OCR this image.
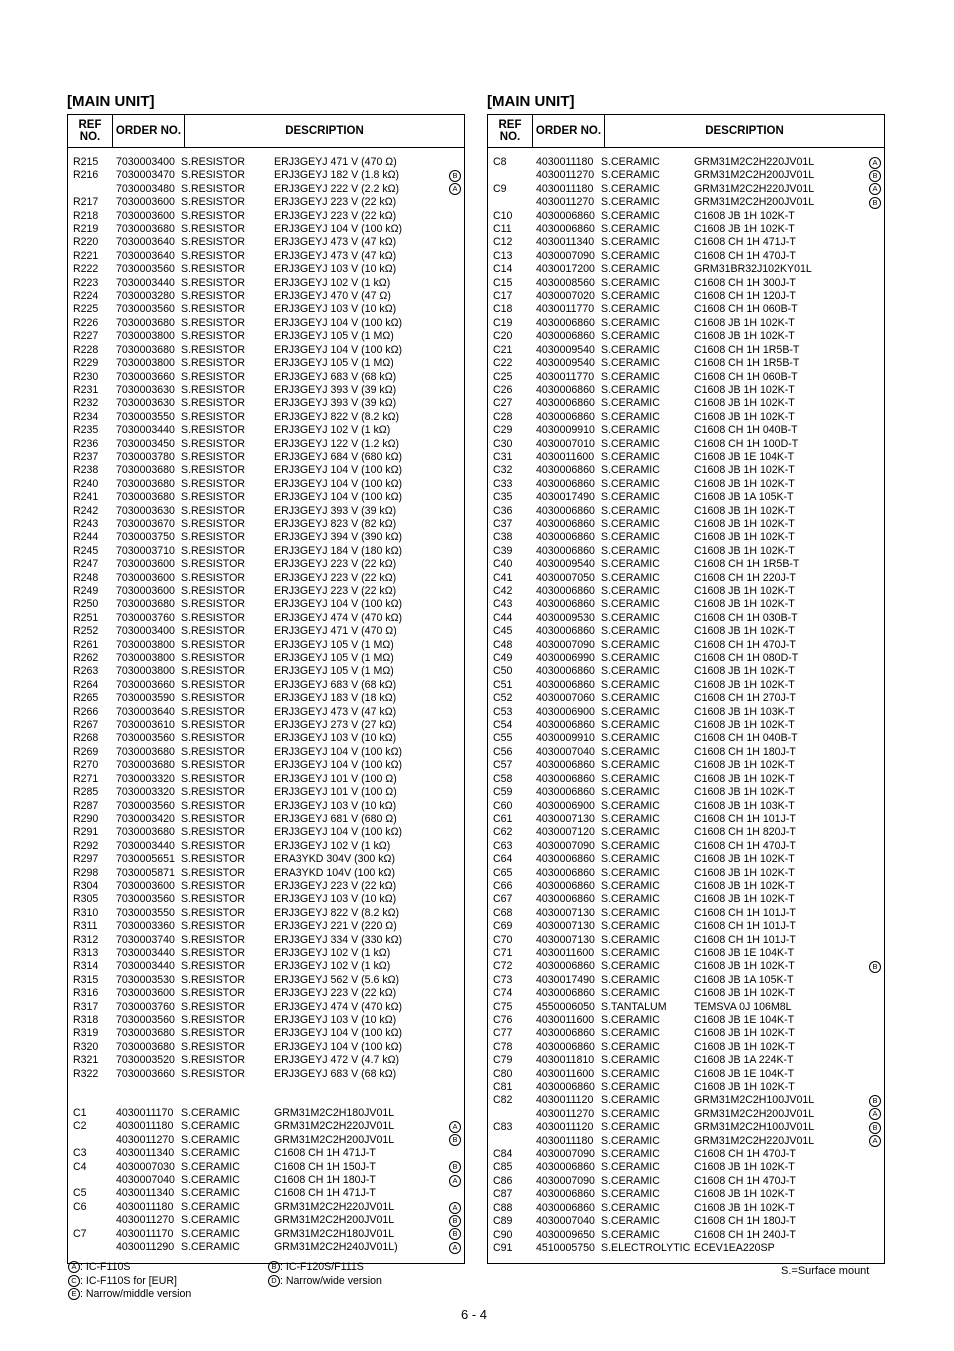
[MAIN UNIT]
REF NO.	ORDER NO.	DESCRIPTION

R215	7030003400 S.RESISTOR	ERJ3GEYJ 471 V (470 Ω)
R216	7030003470 S.RESISTOR	ERJ3GEYJ 182 V (1.8 kΩ)	B
7030003480 S.RESISTOR	ERJ3GEYJ 222 V (2.2 kΩ)	A
R217	7030003600 S.RESISTOR	ERJ3GEYJ 223 V (22 kΩ)
R218	7030003600 S.RESISTOR	ERJ3GEYJ 223 V (22 kΩ)
R219	7030003680 S.RESISTOR	ERJ3GEYJ 104 V (100 kΩ)
R220	7030003640 S.RESISTOR	ERJ3GEYJ 473 V (47 kΩ)
R221	7030003640 S.RESISTOR	ERJ3GEYJ 473 V (47 kΩ)
R222	7030003560 S.RESISTOR	ERJ3GEYJ 103 V (10 kΩ)
R223	7030003440 S.RESISTOR	ERJ3GEYJ 102 V (1 kΩ)
R224	7030003280 S.RESISTOR	ERJ3GEYJ 470 V (47 Ω)
R225	7030003560 S.RESISTOR	ERJ3GEYJ 103 V (10 kΩ)
R226	7030003680 S.RESISTOR	ERJ3GEYJ 104 V (100 kΩ)
R227	7030003800 S.RESISTOR	ERJ3GEYJ 105 V (1 MΩ)
R228	7030003680 S.RESISTOR	ERJ3GEYJ 104 V (100 kΩ)
R229	7030003800 S.RESISTOR	ERJ3GEYJ 105 V (1 MΩ)
R230	7030003660 S.RESISTOR	ERJ3GEYJ 683 V (68 kΩ)
R231	7030003630 S.RESISTOR	ERJ3GEYJ 393 V (39 kΩ)
R232	7030003630 S.RESISTOR	ERJ3GEYJ 393 V (39 kΩ)
R234	7030003550 S.RESISTOR	ERJ3GEYJ 822 V (8.2 kΩ)
R235	7030003440 S.RESISTOR	ERJ3GEYJ 102 V (1 kΩ)
R236	7030003450 S.RESISTOR	ERJ3GEYJ 122 V (1.2 kΩ)
R237	7030003780 S.RESISTOR	ERJ3GEYJ 684 V (680 kΩ)
R238	7030003680 S.RESISTOR	ERJ3GEYJ 104 V (100 kΩ)
R240	7030003680 S.RESISTOR	ERJ3GEYJ 104 V (100 kΩ)
R241	7030003680 S.RESISTOR	ERJ3GEYJ 104 V (100 kΩ)
R242	7030003630 S.RESISTOR	ERJ3GEYJ 393 V (39 kΩ)
R243	7030003670 S.RESISTOR	ERJ3GEYJ 823 V (82 kΩ)
R244	7030003750 S.RESISTOR	ERJ3GEYJ 394 V (390 kΩ)
R245	7030003710 S.RESISTOR	ERJ3GEYJ 184 V (180 kΩ)
R247	7030003600 S.RESISTOR	ERJ3GEYJ 223 V (22 kΩ)
R248	7030003600 S.RESISTOR	ERJ3GEYJ 223 V (22 kΩ)
R249	7030003600 S.RESISTOR	ERJ3GEYJ 223 V (22 kΩ)
R250	7030003680 S.RESISTOR	ERJ3GEYJ 104 V (100 kΩ)
R251	7030003760 S.RESISTOR	ERJ3GEYJ 474 V (470 kΩ)
R252	7030003400 S.RESISTOR	ERJ3GEYJ 471 V (470 Ω)
R261	7030003800 S.RESISTOR	ERJ3GEYJ 105 V (1 MΩ)
R262	7030003800 S.RESISTOR	ERJ3GEYJ 105 V (1 MΩ)
R263	7030003800 S.RESISTOR	ERJ3GEYJ 105 V (1 MΩ)
R264	7030003660 S.RESISTOR	ERJ3GEYJ 683 V (68 kΩ)
R265	7030003590 S.RESISTOR	ERJ3GEYJ 183 V (18 kΩ)
R266	7030003640 S.RESISTOR	ERJ3GEYJ 473 V (47 kΩ)
R267	7030003610 S.RESISTOR	ERJ3GEYJ 273 V (27 kΩ)
R268	7030003560 S.RESISTOR	ERJ3GEYJ 103 V (10 kΩ)
R269	7030003680 S.RESISTOR	ERJ3GEYJ 104 V (100 kΩ)
R270	7030003680 S.RESISTOR	ERJ3GEYJ 104 V (100 kΩ)
R271	7030003320 S.RESISTOR	ERJ3GEYJ 101 V (100 Ω)
R285	7030003320 S.RESISTOR	ERJ3GEYJ 101 V (100 Ω)
R287	7030003560 S.RESISTOR	ERJ3GEYJ 103 V (10 kΩ)
R290	7030003420 S.RESISTOR	ERJ3GEYJ 681 V (680 Ω)
R291	7030003680 S.RESISTOR	ERJ3GEYJ 104 V (100 kΩ)
R292	7030003440 S.RESISTOR	ERJ3GEYJ 102 V (1 kΩ)
R297	7030005651 S.RESISTOR	ERA3YKD 304V (300 kΩ)
R298	7030005871 S.RESISTOR	ERA3YKD 104V (100 kΩ)
R304	7030003600 S.RESISTOR	ERJ3GEYJ 223 V (22 kΩ)
R305	7030003560 S.RESISTOR	ERJ3GEYJ 103 V (10 kΩ)
R310	7030003550 S.RESISTOR	ERJ3GEYJ 822 V (8.2 kΩ)
R311	7030003360 S.RESISTOR	ERJ3GEYJ 221 V (220 Ω)
R312	7030003740 S.RESISTOR	ERJ3GEYJ 334 V (330 kΩ)
R313	7030003440 S.RESISTOR	ERJ3GEYJ 102 V (1 kΩ)
R314	7030003440 S.RESISTOR	ERJ3GEYJ 102 V (1 kΩ)
R315	7030003530 S.RESISTOR	ERJ3GEYJ 562 V (5.6 kΩ)
R316	7030003600 S.RESISTOR	ERJ3GEYJ 223 V (22 kΩ)
R317	7030003760 S.RESISTOR	ERJ3GEYJ 474 V (470 kΩ)
R318	7030003560 S.RESISTOR	ERJ3GEYJ 103 V (10 kΩ)
R319	7030003680 S.RESISTOR	ERJ3GEYJ 104 V (100 kΩ)
R320	7030003680 S.RESISTOR	ERJ3GEYJ 104 V (100 kΩ)
R321	7030003520 S.RESISTOR	ERJ3GEYJ 472 V (4.7 kΩ)
R322	7030003660 S.RESISTOR	ERJ3GEYJ 683 V (68 kΩ)
C1	4030011170 S.CERAMIC	GRM31M2C2H180JV01L
C2	4030011180 S.CERAMIC	GRM31M2C2H220JV01L	A
4030011270 S.CERAMIC	GRM31M2C2H200JV01L	B
C3	4030011340 S.CERAMIC	C1608 CH 1H 471J-T
C4	4030007030 S.CERAMIC	C1608 CH 1H 150J-T	B
4030007040 S.CERAMIC	C1608 CH 1H 180J-T	A
C5	4030011340 S.CERAMIC	C1608 CH 1H 471J-T
C6	4030011180 S.CERAMIC	GRM31M2C2H220JV01L	A
4030011270 S.CERAMIC	GRM31M2C2H200JV01L	B
C7	4030011170 S.CERAMIC	GRM31M2C2H180JV01L	B
4030011290 S.CERAMIC	GRM31M2C2H240JV01L)	A
[MAIN UNIT]
REF NO.	ORDER NO.	DESCRIPTION

C8	4030011180 S.CERAMIC	GRM31M2C2H220JV01L	A
4030011270 S.CERAMIC	GRM31M2C2H200JV01L	B
C9	4030011180 S.CERAMIC	GRM31M2C2H220JV01L	A
4030011270 S.CERAMIC	GRM31M2C2H200JV01L	B
C10	4030006860 S.CERAMIC	C1608 JB 1H 102K-T
C11	4030006860 S.CERAMIC	C1608 JB 1H 102K-T
C12	4030011340 S.CERAMIC	C1608 CH 1H 471J-T
C13	4030007090 S.CERAMIC	C1608 CH 1H 470J-T
C14	4030017200 S.CERAMIC	GRM31BR32J102KY01L
C15	4030008560 S.CERAMIC	C1608 CH 1H 300J-T
C17	4030007020 S.CERAMIC	C1608 CH 1H 120J-T
C18	4030011770 S.CERAMIC	C1608 CH 1H 060B-T
C19	4030006860 S.CERAMIC	C1608 JB 1H 102K-T
C20	4030006860 S.CERAMIC	C1608 JB 1H 102K-T
C21	4030009540 S.CERAMIC	C1608 CH 1H 1R5B-T
C22	4030009540 S.CERAMIC	C1608 CH 1H 1R5B-T
C25	4030011770 S.CERAMIC	C1608 CH 1H 060B-T
C26	4030006860 S.CERAMIC	C1608 JB 1H 102K-T
C27	4030006860 S.CERAMIC	C1608 JB 1H 102K-T
C28	4030006860 S.CERAMIC	C1608 JB 1H 102K-T
C29	4030009910 S.CERAMIC	C1608 CH 1H 040B-T
C30	4030007010 S.CERAMIC	C1608 CH 1H 100D-T
C31	4030011600 S.CERAMIC	C1608 JB 1E 104K-T
C32	4030006860 S.CERAMIC	C1608 JB 1H 102K-T
C33	4030006860 S.CERAMIC	C1608 JB 1H 102K-T
C35	4030017490 S.CERAMIC	C1608 JB 1A 105K-T
C36	4030006860 S.CERAMIC	C1608 JB 1H 102K-T
C37	4030006860 S.CERAMIC	C1608 JB 1H 102K-T
C38	4030006860 S.CERAMIC	C1608 JB 1H 102K-T
C39	4030006860 S.CERAMIC	C1608 JB 1H 102K-T
C40	4030009540 S.CERAMIC	C1608 CH 1H 1R5B-T
C41	4030007050 S.CERAMIC	C1608 CH 1H 220J-T
C42	4030006860 S.CERAMIC	C1608 JB 1H 102K-T
C43	4030006860 S.CERAMIC	C1608 JB 1H 102K-T
C44	4030009530 S.CERAMIC	C1608 CH 1H 030B-T
C45	4030006860 S.CERAMIC	C1608 JB 1H 102K-T
C48	4030007090 S.CERAMIC	C1608 CH 1H 470J-T
C49	4030006990 S.CERAMIC	C1608 CH 1H 080D-T
C50	4030006860 S.CERAMIC	C1608 JB 1H 102K-T
C51	4030006860 S.CERAMIC	C1608 JB 1H 102K-T
C52	4030007060 S.CERAMIC	C1608 CH 1H 270J-T
C53	4030006900 S.CERAMIC	C1608 JB 1H 103K-T
C54	4030006860 S.CERAMIC	C1608 JB 1H 102K-T
C55	4030009910 S.CERAMIC	C1608 CH 1H 040B-T
C56	4030007040 S.CERAMIC	C1608 CH 1H 180J-T
C57	4030006860 S.CERAMIC	C1608 JB 1H 102K-T
C58	4030006860 S.CERAMIC	C1608 JB 1H 102K-T
C59	4030006860 S.CERAMIC	C1608 JB 1H 102K-T
C60	4030006900 S.CERAMIC	C1608 JB 1H 103K-T
C61	4030007130 S.CERAMIC	C1608 CH 1H 101J-T
C62	4030007120 S.CERAMIC	C1608 CH 1H 820J-T
C63	4030007090 S.CERAMIC	C1608 CH 1H 470J-T
C64	4030006860 S.CERAMIC	C1608 JB 1H 102K-T
C65	4030006860 S.CERAMIC	C1608 JB 1H 102K-T
C66	4030006860 S.CERAMIC	C1608 JB 1H 102K-T
C67	4030006860 S.CERAMIC	C1608 JB 1H 102K-T
C68	4030007130 S.CERAMIC	C1608 CH 1H 101J-T
C69	4030007130 S.CERAMIC	C1608 CH 1H 101J-T
C70	4030007130 S.CERAMIC	C1608 CH 1H 101J-T
C71	4030011600 S.CERAMIC	C1608 JB 1E 104K-T
C72	4030006860 S.CERAMIC	C1608 JB 1H 102K-T	B
C73	4030017490 S.CERAMIC	C1608 JB 1A 105K-T
C74	4030006860 S.CERAMIC	C1608 JB 1H 102K-T
C75	4550006050 S.TANTALUM	TEMSVA 0J 106M8L
C76	4030011600 S.CERAMIC	C1608 JB 1E 104K-T
C77	4030006860 S.CERAMIC	C1608 JB 1H 102K-T
C78	4030006860 S.CERAMIC	C1608 JB 1H 102K-T
C79	4030011810 S.CERAMIC	C1608 JB 1A 224K-T
C80	4030011600 S.CERAMIC	C1608 JB 1E 104K-T
C81	4030006860 S.CERAMIC	C1608 JB 1H 102K-T
C82	4030011120 S.CERAMIC	GRM31M2C2H100JV01L	B
4030011270 S.CERAMIC	GRM31M2C2H200JV01L	A
C83	4030011120 S.CERAMIC	GRM31M2C2H100JV01L	B
4030011180 S.CERAMIC	GRM31M2C2H220JV01L	A
C84	4030007090 S.CERAMIC	C1608 CH 1H 470J-T
C85	4030006860 S.CERAMIC	C1608 JB 1H 102K-T
C86	4030007090 S.CERAMIC	C1608 CH 1H 470J-T
C87	4030006860 S.CERAMIC	C1608 JB 1H 102K-T
C88	4030006860 S.CERAMIC	C1608 JB 1H 102K-T
C89	4030007040 S.CERAMIC	C1608 CH 1H 180J-T
C90	4030009650 S.CERAMIC	C1608 CH 1H 240J-T
C91	4510005750 S.ELECTROLYTIC ECEV1EA220SP
A : IC-F110S	B : IC-F120S/F111S
C : IC-F110S for [EUR]	D : Narrow/wide version
E : Narrow/middle version
S.=Surface mount
6 - 4
